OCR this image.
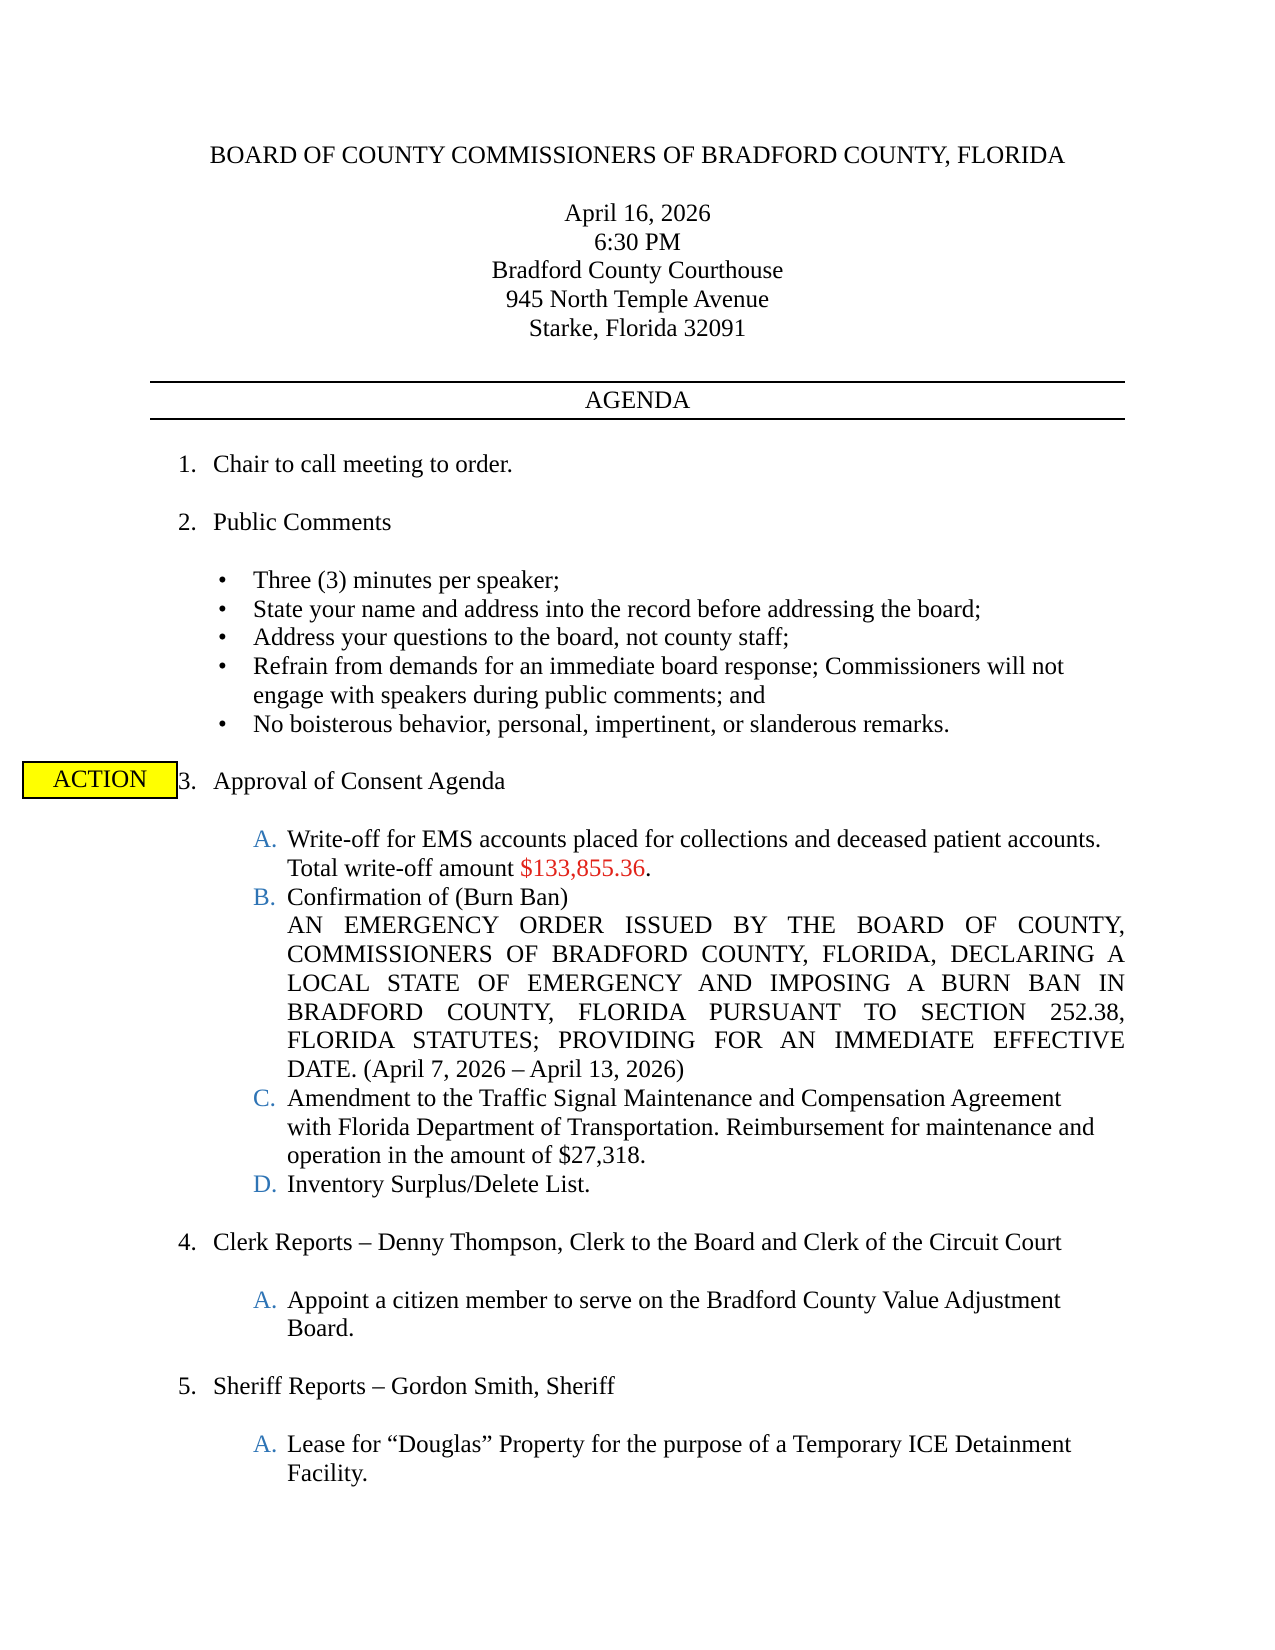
BOARD OF COUNTY COMMISSIONERS OF BRADFORD COUNTY, FLORIDA
April 16, 2026
6:30 PM
Bradford County Courthouse
945 North Temple Avenue
Starke, Florida 32091
AGENDA
1. Chair to call meeting to order.
2. Public Comments
•	Three (3) minutes per speaker;
•	State your name and address into the record before addressing the board;
•	Address your questions to the board, not county staff;
•	Refrain from demands for an immediate board response; Commissioners will not
engage with speakers during public comments; and
•	No boisterous behavior, personal, impertinent, or slanderous remarks.
ACTION	3. Approval of Consent Agenda
A. Write-off for EMS accounts placed for collections and deceased patient accounts.
Total write-off amount $133,855.36.
B. Confirmation of (Burn Ban)
AN EMERGENCY ORDER ISSUED BY THE BOARD OF COUNTY,
COMMISSIONERS OF BRADFORD COUNTY, FLORIDA, DECLARING A
LOCAL STATE OF EMERGENCY AND IMPOSING A BURN BAN IN
BRADFORD COUNTY, FLORIDA PURSUANT TO SECTION 252.38,
FLORIDA STATUTES; PROVIDING FOR AN IMMEDIATE EFFECTIVE
DATE. (April 7, 2026 – April 13, 2026)
C. Amendment to the Traffic Signal Maintenance and Compensation Agreement
with Florida Department of Transportation. Reimbursement for maintenance and
operation in the amount of $27,318.
D. Inventory Surplus/Delete List.
4. Clerk Reports – Denny Thompson, Clerk to the Board and Clerk of the Circuit Court
A. Appoint a citizen member to serve on the Bradford County Value Adjustment
Board.
5. Sheriff Reports – Gordon Smith, Sheriff
A. Lease for “Douglas” Property for the purpose of a Temporary ICE Detainment
Facility.
